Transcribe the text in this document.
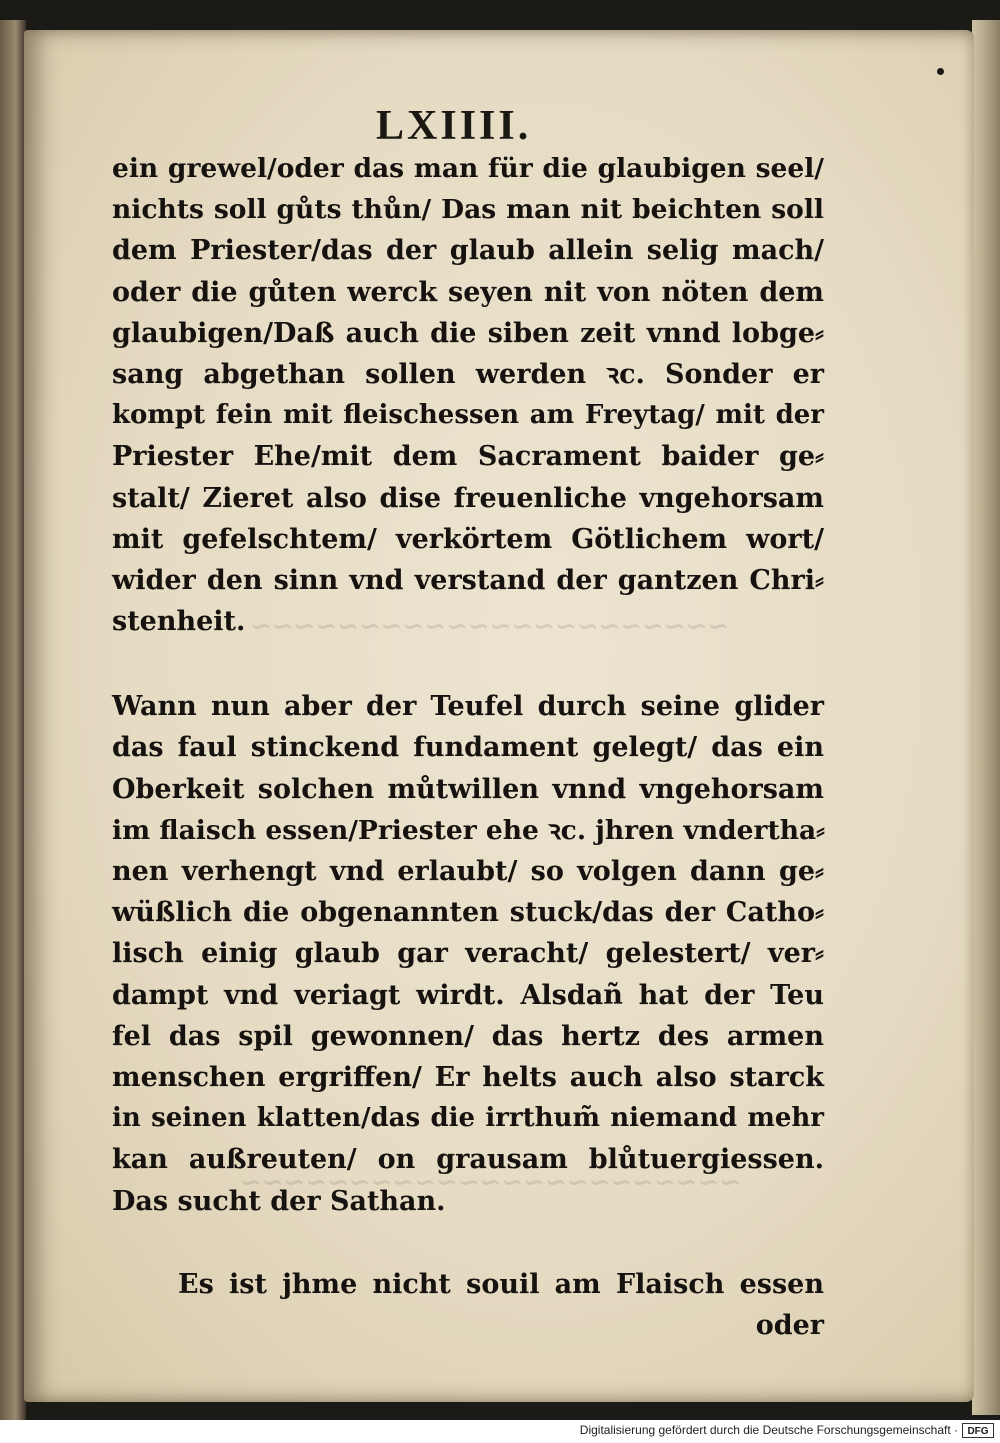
LXIIII.
ein grewel/oder das man für die glaubigen seel/
nichts soll gůts thůn/ Das man nit beichten soll
dem Priester/das der glaub allein selig mach/
oder die gůten werck seyen nit von nöten dem
glaubigen/Daß auch die siben zeit vnnd lobge⸗
sang abgethan sollen werden ꝛc. Sonder er
kompt fein mit fleischessen am Freytag/ mit der
Priester Ehe/mit dem Sacrament baider ge⸗
stalt/ Zieret also dise freuenliche vngehorsam
mit gefelschtem/ verkörtem Götlichem wort/
wider den sinn vnd verstand der gantzen Chri⸗
stenheit.
Wann nun aber der Teufel durch seine glider
das faul stinckend fundament gelegt/ das ein
Oberkeit solchen můtwillen vnnd vngehorsam
im flaisch essen/Priester ehe ꝛc. jhren vndertha⸗
nen verhengt vnd erlaubt/ so volgen dann ge⸗
wüßlich die obgenannten stuck/das der Catho⸗
lisch einig glaub gar veracht/ gelestert/ ver⸗
dampt vnd veriagt wirdt. Alsdañ hat der Teu
fel das spil gewonnen/ das hertz des armen
menschen ergriffen/ Er helts auch also starck
in seinen klatten/das die irrthum̃ niemand mehr
kan außreuten/ on grausam blůtuergiessen.
Das sucht der Sathan.
Es ist jhme nicht souil am Flaisch essen
oder
Digitalisierung gefördert durch die Deutsche Forschungsgemeinschaft · DFG
